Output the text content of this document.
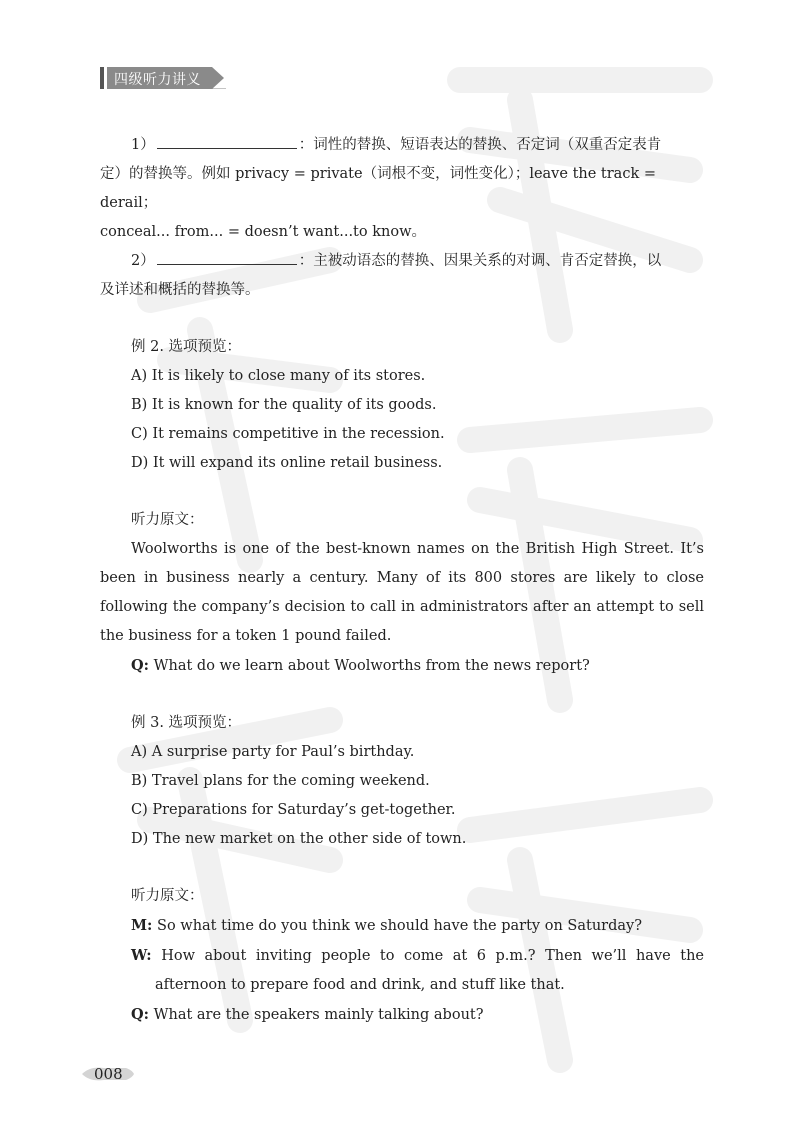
四级听力讲义

1）	：词性的替换、短语表达的替换、否定词（双重否定表肯

定）的替换等。例如 privacy = private（词根不变，词性变化）；leave the track = derail；

conceal... from... = doesn’t want...to know。

2）	：主被动语态的替换、因果关系的对调、肯否定替换，以

及详述和概括的替换等。

例 2. 选项预览：

A) It is likely to close many of its stores.

B) It is known for the quality of its goods.

C) It remains competitive in the recession.

D) It will expand its online retail business.

听力原文：

Woolworths is one of the best-known names on the British High Street. It’s been in business nearly a century. Many of its 800 stores are likely to close following the company’s decision to call in administrators after an attempt to sell the business for a token 1 pound failed.

Q: What do we learn about Woolworths from the news report?

例 3. 选项预览：

A) A surprise party for Paul’s birthday.

B) Travel plans for the coming weekend.

C) Preparations for Saturday’s get-together.

D) The new market on the other side of town.

听力原文：

M: So what time do you think we should have the party on Saturday?

W: How about inviting people to come at 6 p.m.? Then we’ll have the afternoon to prepare food and drink, and stuff like that.

Q: What are the speakers mainly talking about?

008
